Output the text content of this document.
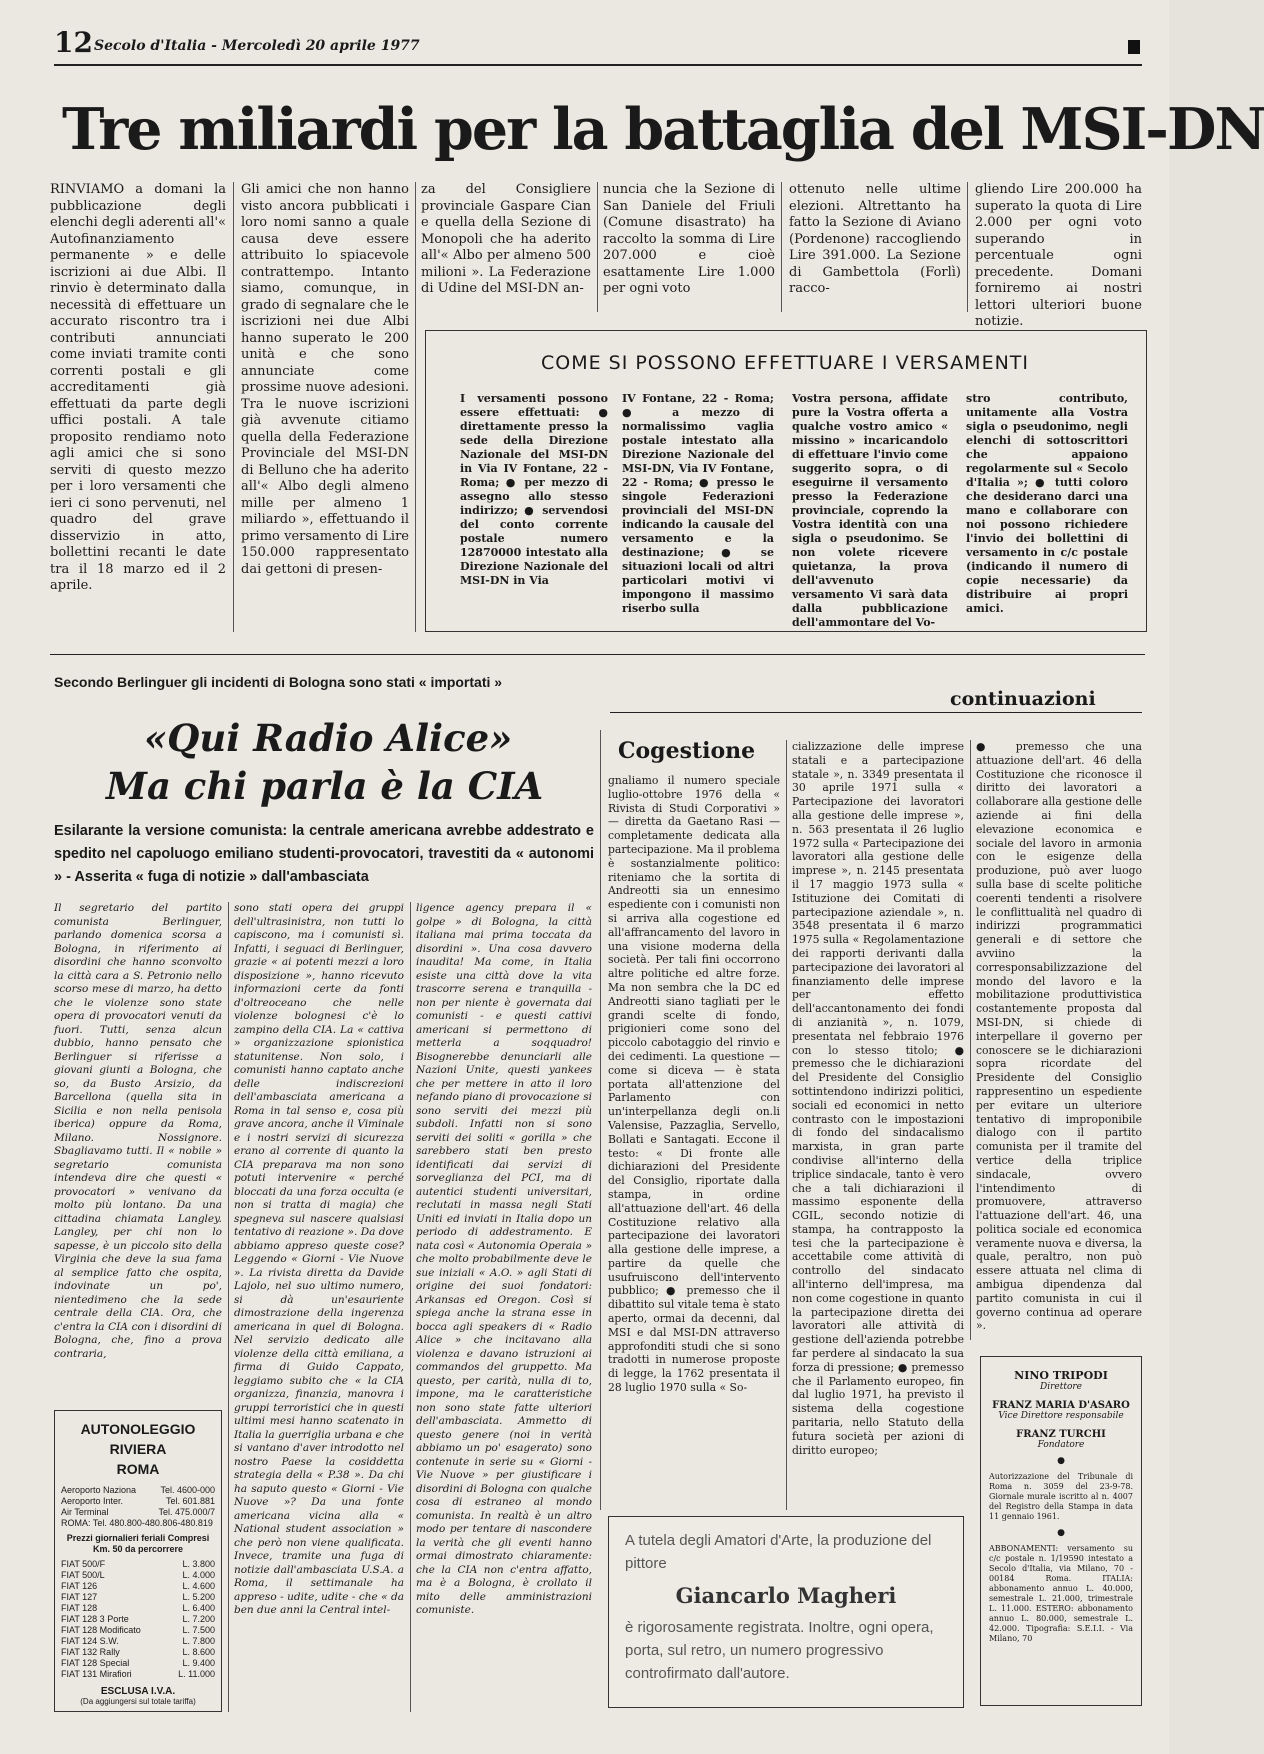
12 Secolo d'Italia - Mercoledì 20 aprile 1977
Tre miliardi per la battaglia del MSI-DN
RINVIAMO a domani la pubblicazione degli elenchi degli aderenti all'« Autofinanziamento permanente » e delle iscrizioni ai due Albi. Il rinvio è determinato dalla necessità di effettuare un accurato riscontro tra i contributi annunciati come inviati tramite conti correnti postali e gli accreditamenti già effettuati da parte degli uffici postali. A tale proposito rendiamo noto agli amici che si sono serviti di questo mezzo per i loro versamenti che ieri ci sono pervenuti, nel quadro del grave disservizio in atto, bollettini recanti le date tra il 18 marzo ed il 2 aprile.
Gli amici che non hanno visto ancora pubblicati i loro nomi sanno a quale causa deve essere attribuito lo spiacevole contrattempo. Intanto siamo, comunque, in grado di segnalare che le iscrizioni nei due Albi hanno superato le 200 unità e che sono annunciate come prossime nuove adesioni. Tra le nuove iscrizioni già avvenute citiamo quella della Federazione Provinciale del MSI-DN di Belluno che ha aderito all'« Albo degli almeno mille per almeno 1 miliardo », effettuando il primo versamento di Lire 150.000 rappresentato dai gettoni di presen-
za del Consigliere provinciale Gaspare Cian e quella della Sezione di Monopoli che ha aderito all'« Albo per almeno 500 milioni ». La Federazione di Udine del MSI-DN an-
nuncia che la Sezione di San Daniele del Friuli (Comune disastrato) ha raccolto la somma di Lire 207.000 e cioè esattamente Lire 1.000 per ogni voto
ottenuto nelle ultime elezioni. Altrettanto ha fatto la Sezione di Aviano (Pordenone) raccogliendo Lire 391.000. La Sezione di Gambettola (Forlì) racco-
gliendo Lire 200.000 ha superato la quota di Lire 2.000 per ogni voto superando in percentuale ogni precedente. Domani forniremo ai nostri lettori ulteriori buone notizie.
COME SI POSSONO EFFETTUARE I VERSAMENTI
I versamenti possono essere effettuati: ● direttamente presso la sede della Direzione Nazionale del MSI-DN in Via IV Fontane, 22 - Roma; ● per mezzo di assegno allo stesso indirizzo; ● servendosi del conto corrente postale numero 12870000 intestato alla Direzione Nazionale del MSI-DN in Via
IV Fontane, 22 - Roma; ● a mezzo di normalissimo vaglia postale intestato alla Direzione Nazionale del MSI-DN, Via IV Fontane, 22 - Roma; ● presso le singole Federazioni provinciali del MSI-DN indicando la causale del versamento e la destinazione; ● se situazioni locali od altri particolari motivi vi impongono il massimo riserbo sulla
Vostra persona, affidate pure la Vostra offerta a qualche vostro amico « missino » incaricandolo di effettuare l'invio come suggerito sopra, o di eseguirne il versamento presso la Federazione provinciale, coprendo la Vostra identità con una sigla o pseudonimo. Se non volete ricevere quietanza, la prova dell'avvenuto versamento Vi sarà data dalla pubblicazione dell'ammontare del Vo-
stro contributo, unitamente alla Vostra sigla o pseudonimo, negli elenchi di sottoscrittori che appaiono regolarmente sul « Secolo d'Italia »; ● tutti coloro che desiderano darci una mano e collaborare con noi possono richiedere l'invio dei bollettini di versamento in c/c postale (indicando il numero di copie necessarie) da distribuire ai propri amici.
Secondo Berlinguer gli incidenti di Bologna sono stati « importati »
«Qui Radio Alice»
Ma chi parla è la CIA
Esilarante la versione comunista: la centrale americana avrebbe addestrato e spedito nel capoluogo emiliano studenti-provocatori, travestiti da « autonomi » - Asserita « fuga di notizie » dall'ambasciata
Il segretario del partito comunista Berlinguer, parlando domenica scorsa a Bologna, in riferimento ai disordini che hanno sconvolto la città cara a S. Petronio nello scorso mese di marzo, ha detto che le violenze sono state opera di provocatori venuti da fuori. Tutti, senza alcun dubbio, hanno pensato che Berlinguer si riferisse a giovani giunti a Bologna, che so, da Busto Arsizio, da Barcellona (quella sita in Sicilia e non nella penisola iberica) oppure da Roma, Milano. Nossignore. Sbagliavamo tutti. Il « nobile » segretario comunista intendeva dire che questi « provocatori » venivano da molto più lontano. Da una cittadina chiamata Langley. Langley, per chi non lo sapesse, è un piccolo sito della Virginia che deve la sua fama al semplice fatto che ospita, indovinate un po', nientedimeno che la sede centrale della CIA. Ora, che c'entra la CIA con i disordini di Bologna, che, fino a prova contraria,
sono stati opera dei gruppi dell'ultrasinistra, non tutti lo capiscono, ma i comunisti sì. Infatti, i seguaci di Berlinguer, grazie « ai potenti mezzi a loro disposizione », hanno ricevuto informazioni certe da fonti d'oltreoceano che nelle violenze bolognesi c'è lo zampino della CIA. La « cattiva » organizzazione spionistica statunitense. Non solo, i comunisti hanno captato anche delle indiscrezioni dell'ambasciata americana a Roma in tal senso e, cosa più grave ancora, anche il Viminale e i nostri servizi di sicurezza erano al corrente di quanto la CIA preparava ma non sono potuti intervenire « perché bloccati da una forza occulta (e non si tratta di magia) che spegneva sul nascere qualsiasi tentativo di reazione ». Da dove abbiamo appreso queste cose? Leggendo « Giorni - Vie Nuove ». La rivista diretta da Davide Lajolo, nel suo ultimo numero, si dà un'esauriente dimostrazione della ingerenza americana in quel di Bologna. Nel servizio dedicato alle violenze della città emiliana, a firma di Guido Cappato, leggiamo subito che « la CIA organizza, finanzia, manovra i gruppi terroristici che in questi ultimi mesi hanno scatenato in Italia la guerriglia urbana e che si vantano d'aver introdotto nel nostro Paese la cosiddetta strategia della « P.38 ». Da chi ha saputo questo « Giorni - Vie Nuove »? Da una fonte americana vicina alla « National student association » che però non viene qualificata. Invece, tramite una fuga di notizie dall'ambasciata U.S.A. a Roma, il settimanale ha appreso - udite, udite - che « da ben due anni la Central intel-
ligence agency prepara il « golpe » di Bologna, la città italiana mai prima toccata da disordini ». Una cosa davvero inaudita! Ma come, in Italia esiste una città dove la vita trascorre serena e tranquilla - non per niente è governata dai comunisti - e questi cattivi americani si permettono di metterla a soqquadro! Bisognerebbe denunciarli alle Nazioni Unite, questi yankees che per mettere in atto il loro nefando piano di provocazione si sono serviti dei mezzi più subdoli. Infatti non si sono serviti dei soliti « gorilla » che sarebbero stati ben presto identificati dai servizi di sorveglianza del PCI, ma di autentici studenti universitari, reclutati in massa negli Stati Uniti ed inviati in Italia dopo un periodo di addestramento. E nata così « Autonomia Operaia » che molto probabilmente deve le sue iniziali « A.O. » agli Stati di origine dei suoi fondatori: Arkansas ed Oregon. Così si spiega anche la strana esse in bocca agli speakers di « Radio Alice » che incitavano alla violenza e davano istruzioni ai commandos del gruppetto. Ma questo, per carità, nulla di to, impone, ma le caratteristiche non sono state fatte ulteriori dell'ambasciata. Ammetto di questo genere (noi in verità abbiamo un po' esagerato) sono contenute in serie su « Giorni - Vie Nuove » per giustificare i disordini di Bologna con qualche cosa di estraneo al mondo comunista. In realtà è un altro modo per tentare di nascondere la verità che gli eventi hanno ormai dimostrato chiaramente: che la CIA non c'entra affatto, ma è a Bologna, è crollato il mito delle amministrazioni comuniste.
AUTONOLEGGIO
RIVIERA
ROMA
Aeroporto Naziona	Tel. 4600-000
Aeroporto Inter.	Tel. 601.881
Air Terminal	Tel. 475.000/7
ROMA: Tel. 480.800-480.806-480.819
Prezzi giornalieri feriali Compresi Km. 50 da percorrere
FIAT 500/F	L. 3.800
FIAT 500/L	L. 4.000
FIAT 126	L. 4.600
FIAT 127	L. 5.200
FIAT 128	L. 6.400
FIAT 128 3 Porte	L. 7.200
FIAT 128 Modificato	L. 7.500
FIAT 124 S.W.	L. 7.800
FIAT 132 Rally	L. 8.600
FIAT 128 Special	L. 9.400
FIAT 131 Mirafiori	L. 11.000
ESCLUSA I.V.A.
(Da aggiungersi sul totale tariffa)
Cogestione
gnaliamo il numero speciale luglio-ottobre 1976 della « Rivista di Studi Corporativi » — diretta da Gaetano Rasi — completamente dedicata alla partecipazione. Ma il problema è sostanzialmente politico: riteniamo che la sortita di Andreotti sia un ennesimo espediente con i comunisti non si arriva alla cogestione ed all'affrancamento del lavoro in una visione moderna della società. Per tali fini occorrono altre politiche ed altre forze. Ma non sembra che la DC ed Andreotti siano tagliati per le grandi scelte di fondo, prigionieri come sono del piccolo cabotaggio del rinvio e dei cedimenti. La questione — come si diceva — è stata portata all'attenzione del Parlamento con un'interpellanza degli on.li Valensise, Pazzaglia, Servello, Bollati e Santagati. Eccone il testo: « Di fronte alle dichiarazioni del Presidente del Consiglio, riportate dalla stampa, in ordine all'attuazione dell'art. 46 della Costituzione relativo alla partecipazione dei lavoratori alla gestione delle imprese, a partire da quelle che usufruiscono dell'intervento pubblico; ● premesso che il dibattito sul vitale tema è stato aperto, ormai da decenni, dal MSI e dal MSI-DN attraverso approfonditi studi che si sono tradotti in numerose proposte di legge, la 1762 presentata il 28 luglio 1970 sulla « So-
cializzazione delle imprese statali e a partecipazione statale », n. 3349 presentata il 30 aprile 1971 sulla « Partecipazione dei lavoratori alla gestione delle imprese », n. 563 presentata il 26 luglio 1972 sulla « Partecipazione dei lavoratori alla gestione delle imprese », n. 2145 presentata il 17 maggio 1973 sulla « Istituzione dei Comitati di partecipazione aziendale », n. 3548 presentata il 6 marzo 1975 sulla « Regolamentazione dei rapporti derivanti dalla partecipazione dei lavoratori al finanziamento delle imprese per effetto dell'accantonamento dei fondi di anzianità », n. 1079, presentata nel febbraio 1976 con lo stesso titolo; ● premesso che le dichiarazioni del Presidente del Consiglio sottintendono indirizzi politici, sociali ed economici in netto contrasto con le impostazioni di fondo del sindacalismo marxista, in gran parte condivise all'interno della triplice sindacale, tanto è vero che a tali dichiarazioni il massimo esponente della CGIL, secondo notizie di stampa, ha contrapposto la tesi che la partecipazione è accettabile come attività di controllo del sindacato all'interno dell'impresa, ma non come cogestione in quanto la partecipazione diretta dei lavoratori alle attività di gestione dell'azienda potrebbe far perdere al sindacato la sua forza di pressione; ● premesso che il Parlamento europeo, fin dal luglio 1971, ha previsto il sistema della cogestione paritaria, nello Statuto della futura società per azioni di diritto europeo;
● premesso che una attuazione dell'art. 46 della Costituzione che riconosce il diritto dei lavoratori a collaborare alla gestione delle aziende ai fini della elevazione economica e sociale del lavoro in armonia con le esigenze della produzione, può aver luogo sulla base di scelte politiche coerenti tendenti a risolvere le conflittualità nel quadro di indirizzi programmatici generali e di settore che avviino la corresponsabilizzazione del mondo del lavoro e la mobilitazione produttivistica costantemente proposta dal MSI-DN, si chiede di interpellare il governo per conoscere se le dichiarazioni sopra ricordate del Presidente del Consiglio rappresentino un espediente per evitare un ulteriore tentativo di improponibile dialogo con il partito comunista per il tramite del vertice della triplice sindacale, ovvero l'intendimento di promuovere, attraverso l'attuazione dell'art. 46, una politica sociale ed economica veramente nuova e diversa, la quale, peraltro, non può essere attuata nel clima di ambigua dipendenza dal partito comunista in cui il governo continua ad operare ».
continuazioni
A tutela degli Amatori d'Arte, la produzione del pittore
Giancarlo Magheri
è rigorosamente registrata. Inoltre, ogni opera, porta, sul retro, un numero progressivo controfirmato dall'autore.
NINO TRIPODI
Direttore
FRANZ MARIA D'ASARO
Vice Direttore responsabile
FRANZ TURCHI
Fondatore
●
Autorizzazione del Tribunale di Roma n. 3059 del 23-9-78. Giornale murale iscritto al n. 4007 del Registro della Stampa in data 11 gennaio 1961.
●
ABBONAMENTI: versamento su c/c postale n. 1/19590 intestato a Secolo d'Italia, via Milano, 70 - 00184 Roma. ITALIA: abbonamento annuo L. 40.000, semestrale L. 21.000, trimestrale L. 11.000. ESTERO: abbonamento annuo L. 80.000, semestrale L. 42.000. Tipografia: S.E.I.I. - Via Milano, 70
